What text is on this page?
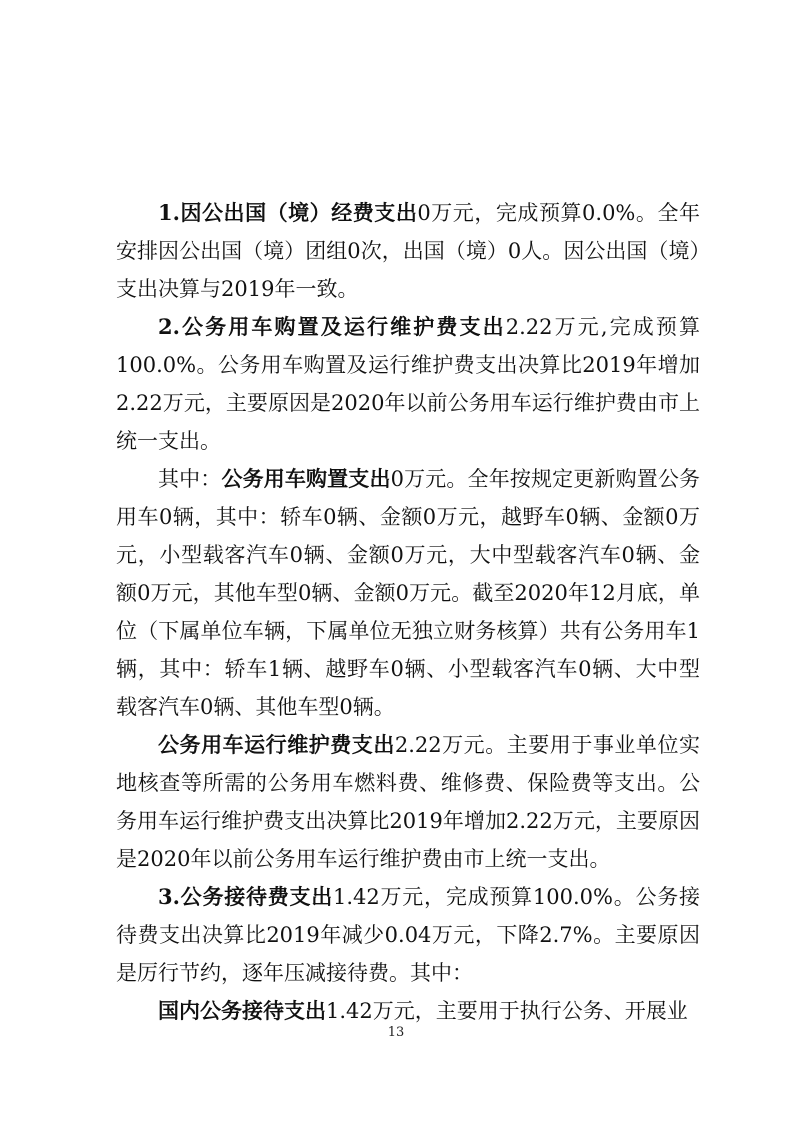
1.因公出国（境）经费支出0万元，完成预算0.0%。全年安排因公出国（境）团组0次，出国（境）0人。因公出国（境）支出决算与2019年一致。

2.公务用车购置及运行维护费支出2.22万元,完成预算100.0%。公务用车购置及运行维护费支出决算比2019年增加2.22万元，主要原因是2020年以前公务用车运行维护费由市上统一支出。

其中：公务用车购置支出0万元。全年按规定更新购置公务用车0辆，其中：轿车0辆、金额0万元，越野车0辆、金额0万元，小型载客汽车0辆、金额0万元，大中型载客汽车0辆、金额0万元，其他车型0辆、金额0万元。截至2020年12月底，单位（下属单位车辆，下属单位无独立财务核算）共有公务用车1辆，其中：轿车1辆、越野车0辆、小型载客汽车0辆、大中型载客汽车0辆、其他车型0辆。

公务用车运行维护费支出2.22万元。主要用于事业单位实地核查等所需的公务用车燃料费、维修费、保险费等支出。公务用车运行维护费支出决算比2019年增加2.22万元，主要原因是2020年以前公务用车运行维护费由市上统一支出。

3.公务接待费支出1.42万元，完成预算100.0%。公务接待费支出决算比2019年减少0.04万元，下降2.7%。主要原因是厉行节约，逐年压减接待费。其中：

国内公务接待支出1.42万元，主要用于执行公务、开展业

13
